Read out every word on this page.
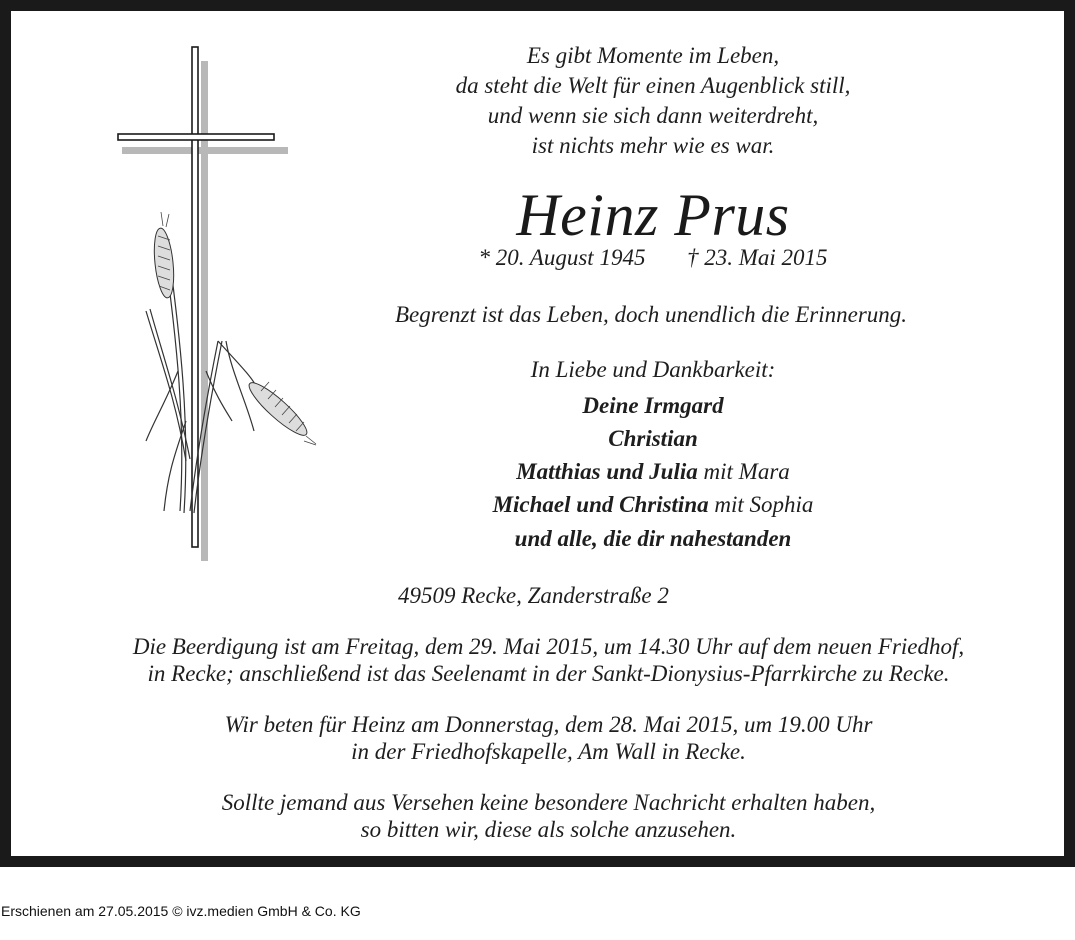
Es gibt Momente im Leben,
da steht die Welt für einen Augenblick still,
und wenn sie sich dann weiterdreht,
ist nichts mehr wie es war.
Heinz Prus
* 20. August 1945 † 23. Mai 2015
Begrenzt ist das Leben, doch unendlich die Erinnerung.
In Liebe und Dankbarkeit:
Deine Irmgard
Christian
Matthias und Julia mit Mara
Michael und Christina mit Sophia
und alle, die dir nahestanden
49509 Recke, Zanderstraße 2
Die Beerdigung ist am Freitag, dem 29. Mai 2015, um 14.30 Uhr auf dem neuen Friedhof,
in Recke; anschließend ist das Seelenamt in der Sankt-Dionysius-Pfarrkirche zu Recke.
Wir beten für Heinz am Donnerstag, dem 28. Mai 2015, um 19.00 Uhr
in der Friedhofskapelle, Am Wall in Recke.
Sollte jemand aus Versehen keine besondere Nachricht erhalten haben,
so bitten wir, diese als solche anzusehen.
Erschienen am 27.05.2015 © ivz.medien GmbH & Co. KG
